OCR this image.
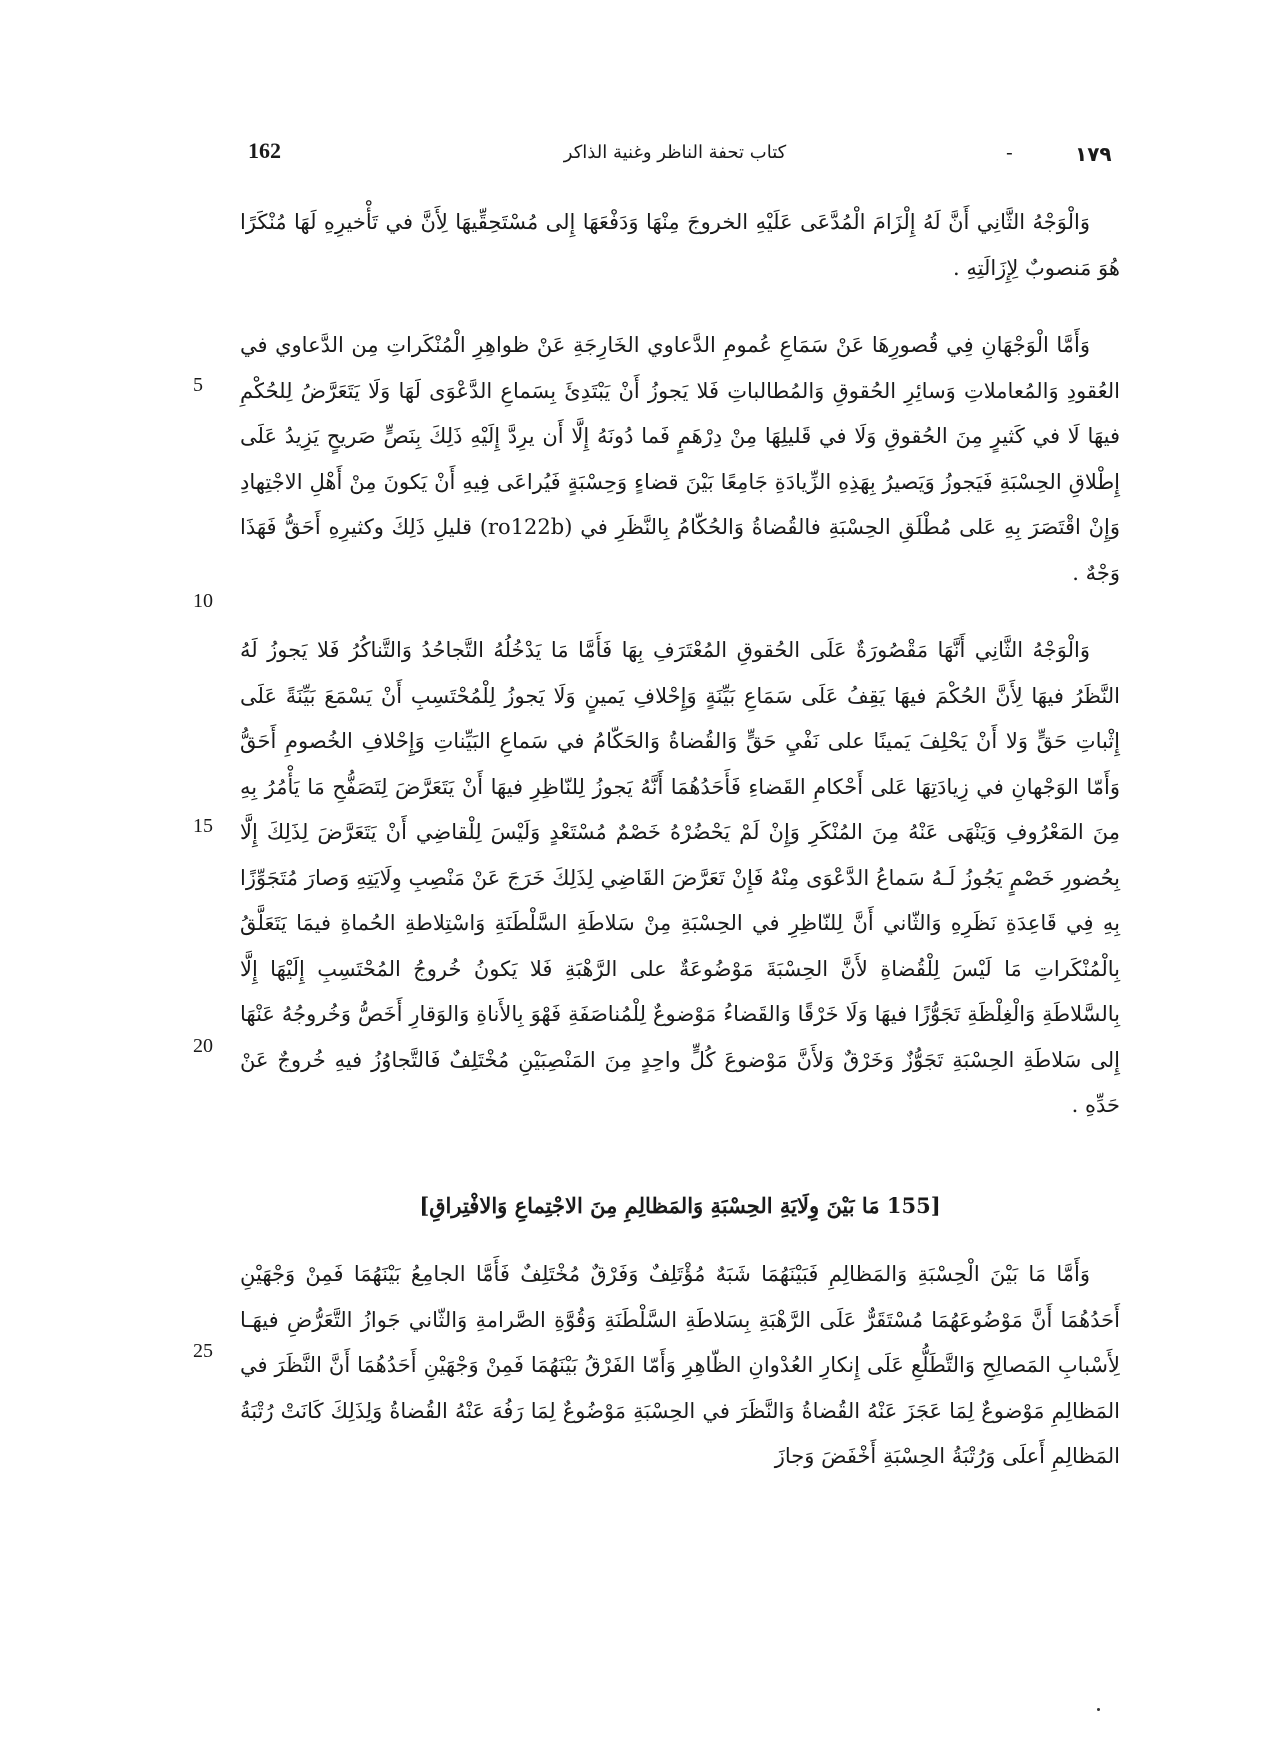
162	كتاب تحفة الناظر وغنية الذاكر	-	١٧٩

وَالْوَجْهُ الثَّانِي أَنَّ لَهُ إِلْزَامَ الْمُدَّعَى عَلَيْهِ الخروجَ مِنْهَا وَدَفْعَهَا إِلى مُسْتَحِقِّيهَا لِأَنَّ في تَأْخيرِهِ لَهَا مُنْكَرًا هُوَ مَنصوبٌ لِإِزَالَتِهِ .

وَأَمَّا الْوَجْهَانِ فِي قُصورِهَا عَنْ سَمَاعِ عُمومِ الدَّعاوي الخَارِجَةِ عَنْ ظواهِرِ الْمُنْكَراتِ مِن الدَّعاوي في العُقودِ وَالمُعاملاتِ وَسائِرِ الحُقوقِ وَالمُطالباتِ فَلا يَجوزُ أَنْ يَبْتَدِئَ بِسَماعِ الدَّعْوَى لَهَا وَلَا يَتَعَرَّضُ لِلحُكْمِ فيهَا لَا في كَثيرٍ مِنَ الحُقوقِ وَلَا في قَليلِهَا مِنْ دِرْهَمٍ فَما دُونَهُ إِلَّا أَن يرِدَّ إِلَيْهِ ذَلِكَ بِنَصٍّ صَريحٍ يَزِيدُ عَلَى إِطْلاقِ الحِسْبَةِ فَيَجوزُ وَيَصيرُ بِهَذِهِ الزِّيادَةِ جَامِعًا بَيْنَ قضاءٍ وَحِسْبَةٍ فَيُراعَى فِيهِ أَنْ يَكونَ مِنْ أَهْلِ الاجْتِهادِ وَإِنْ اقْتَصَرَ بِهِ عَلى مُطْلَقِ الحِسْبَةِ فالقُضاةُ وَالحُكّامُ بِالنَّظَرِ في (ro122b) قليلِ ذَلِكَ وكثيرِهِ أَحَقُّ فَهَذَا وَجْهٌ .

وَالْوَجْهُ الثَّانِي أَنَّهَا مَقْصُورَةٌ عَلَى الحُقوقِ المُعْتَرَفِ بِهَا فَأَمَّا مَا يَدْخُلُهُ التَّجاحُدُ وَالتَّناكُرُ فَلا يَجوزُ لَهُ النَّظَرُ فيهَا لِأَنَّ الحُكْمَ فيهَا يَقِفُ عَلَى سَمَاعِ بَيِّنَةٍ وَإِحْلافِ يَمينٍ وَلَا يَجوزُ لِلْمُحْتَسِبِ أَنْ يَسْمَعَ بَيِّنَةً عَلَى إِثْباتِ حَقٍّ وَلا أَنْ يَحْلِفَ يَمينًا على نَفْيِ حَقٍّ وَالقُضاةُ وَالحَكّامُ في سَماعِ البَيِّناتِ وَإِحْلافِ الخُصومِ أَحَقُّ وَأَمّا الوَجْهانِ في زِيادَتِهَا عَلى أَحْكامِ القَضاءِ فَأَحَدُهُمَا أَنَّهُ يَجوزُ لِلنّاظِرِ فيهَا أَنْ يَتَعَرَّضَ لِتَصَفُّحِ مَا يَأْمُرُ بِهِ مِنَ المَعْرُوفِ وَيَنْهَى عَنْهُ مِنَ المُنْكَرِ وَإِنْ لَمْ يَحْضُرْهُ خَصْمٌ مُسْتَعْدٍ وَلَيْسَ لِلْقاضِي أَنْ يَتَعَرَّضَ لِذَلِكَ إِلَّا بِحُضورِ خَصْمٍ يَجُوزُ لَـهُ سَماعُ الدَّعْوَى مِنْهُ فَإِنْ تَعَرَّضَ القَاضِي لِذَلِكَ خَرَجَ عَنْ مَنْصِبِ وِلَايَتِهِ وَصارَ مُتَجَوِّزًا بِهِ فِي قَاعِدَةِ نَظَرِهِ وَالثّاني أَنَّ لِلنّاظِرِ في الحِسْبَةِ مِنْ سَلاطَةِ السَّلْطَنَةِ وَاسْتِلاطةِ الحُماةِ فيمَا يَتَعَلَّقُ بِالْمُنْكَراتِ مَا لَيْسَ لِلْقُضاةِ لأَنَّ الحِسْبَةَ مَوْضُوعَةٌ على الرَّهْبَةِ فَلا يَكونُ خُروجُ المُحْتَسِبِ إِلَيْهَا إِلَّا بِالسَّلاطَةِ وَالْغِلْظَةِ تَجَوُّزًا فيهَا وَلَا خَرْقًا وَالقَضاءُ مَوْضوعٌ لِلْمُناصَفَةِ فَهْوَ بِالأَناةِ وَالوَقارِ أَخَصُّ وَخُروجُهُ عَنْهَا إِلى سَلاطَةِ الحِسْبَةِ تَجَوُّزٌ وَخَرْقٌ وَلأَنَّ مَوْضوعَ كُلٍّ واحِدٍ مِنَ المَنْصِبَيْنِ مُخْتَلِفٌ فَالتَّجاوُزُ فيهِ خُروجٌ عَنْ حَدِّهِ .

[155 مَا بَيْنَ وِلَايَةِ الحِسْبَةِ وَالمَظالِمِ مِنَ الاجْتِماعِ وَالافْتِراقِ]

وَأَمَّا مَا بَيْنَ الْحِسْبَةِ وَالمَظالِمِ فَبَيْنَهُمَا شَبَهٌ مُؤْتَلِفٌ وَفَرْقٌ مُخْتَلِفٌ فَأَمَّا الجامِعُ بَيْنَهُمَا فَمِنْ وَجْهَيْنِ أَحَدُهُمَا أَنَّ مَوْضُوعَهُمَا مُسْتَقَرٌّ عَلَى الرَّهْبَةِ بِسَلاطَةِ السَّلْطَنَةِ وَقُوَّةِ الصَّرامةِ وَالثّاني جَوازُ التَّعَرُّضِ فيهَـا لِأَسْبابِ المَصالِحِ وَالتَّطَلُّعِ عَلَى إِنكارِ العُدْوانِ الظّاهِرِ وَأَمّا الفَرْقُ بَيْنَهُمَا فَمِنْ وَجْهَيْنِ أَحَدُهُمَا أَنَّ النَّظَرَ في المَظالِمِ مَوْضوعٌ لِمَا عَجَزَ عَنْهُ القُضاةُ وَالنَّظَرَ في الحِسْبَةِ مَوْضُوعٌ لِمَا رَفُهَ عَنْهُ القُضاةُ وَلِذَلِكَ كَانَتْ رُتْبَةُ المَظالِمِ أَعلَى وَرُتْبَةُ الحِسْبَةِ أَخْفَضَ وَجازَ

5
10
15
20
25
